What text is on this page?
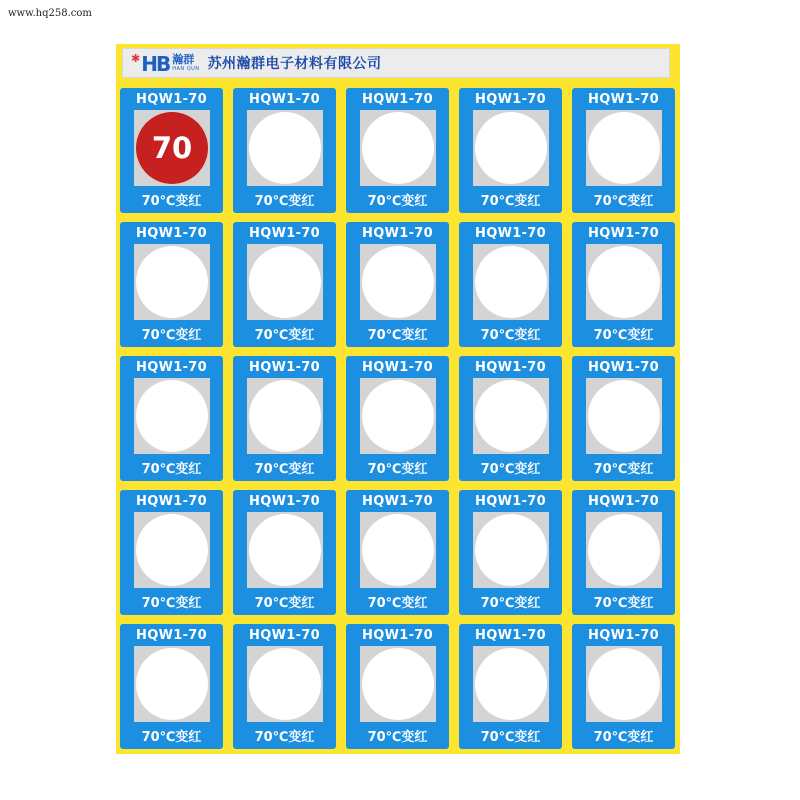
www.hq258.com
✱ HB 瀚群
HAN QUN 苏州瀚群电子材料有限公司
HQW1-70
70
70℃变红
HQW1-70
70℃变红
HQW1-70
70℃变红
HQW1-70
70℃变红
HQW1-70
70℃变红
HQW1-70
70℃变红
HQW1-70
70℃变红
HQW1-70
70℃变红
HQW1-70
70℃变红
HQW1-70
70℃变红
HQW1-70
70℃变红
HQW1-70
70℃变红
HQW1-70
70℃变红
HQW1-70
70℃变红
HQW1-70
70℃变红
HQW1-70
70℃变红
HQW1-70
70℃变红
HQW1-70
70℃变红
HQW1-70
70℃变红
HQW1-70
70℃变红
HQW1-70
70℃变红
HQW1-70
70℃变红
HQW1-70
70℃变红
HQW1-70
70℃变红
HQW1-70
70℃变红
